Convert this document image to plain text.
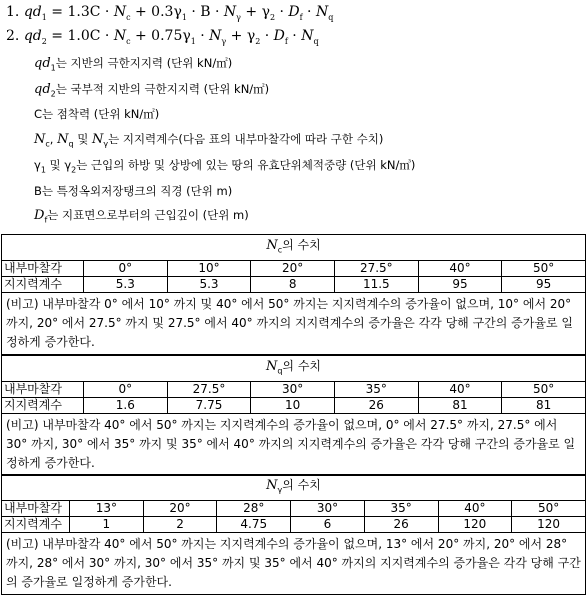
1. $qd_1 = 1.3C \cdot N_c + 0.3\gamma_1 \cdot B \cdot N_\gamma + \gamma_2 \cdot D_f \cdot N_q$
2. $qd_2 = 1.0C \cdot N_c + 0.75\gamma_1 \cdot N_\gamma + \gamma_2 \cdot D_f \cdot N_q$
$qd_1$는 지반의 극한지지력 (단위 kN/㎡)
$qd_2$는 국부적 지반의 극한지지력 (단위 kN/㎡)
C는 점착력 (단위 kN/㎡)
$N_c$, $N_q$ 및 $N_\gamma$는 지지력계수(다음 표의 내부마찰각에 따라 구한 수치)
$\gamma_1$ 및 $\gamma_2$는 근입의 하방 및 상방에 있는 땅의 유효단위체적중량 (단위 kN/㎥)
B는 특정옥외저장탱크의 직경 (단위 m)
$D_f$는 지표면으로부터의 근입깊이 (단위 m)
$N_c$의 수치						
내부마찰각	0°	10°	20°	27.5°	40°	50°
지지력계수	5.3	5.3	8	11.5	95	95
(비고) 내부마찰각 0° 에서 10° 까지 및 40° 에서 50° 까지는 지지력계수의 증가율이 없으며, 10° 에서 20° 까지, 20° 에서 27.5° 까지 및 27.5° 에서 40° 까지의 지지력계수의 증가율은 각각 당해 구간의 증가율로 일정하게 증가한다.						
$N_q$의 수치						
내부마찰각	0°	27.5°	30°	35°	40°	50°
지지력계수	1.6	7.75	10	26	81	81
(비고) 내부마찰각 40° 에서 50° 까지는 지지력계수의 증가율이 없으며, 0° 에서 27.5° 까지, 27.5° 에서 30° 까지, 30° 에서 35° 까지 및 35° 에서 40° 까지의 지지력계수의 증가율은 각각 당해 구간의 증가율로 일정하게 증가한다.						
$N_\gamma$의 수치							
내부마찰각	13°	20°	28°	30°	35°	40°	50°
지지력계수	1	2	4.75	6	26	120	120
(비고) 내부마찰각 40° 에서 50° 까지는 지지력계수의 증가율이 없으며, 13° 에서 20° 까지, 20° 에서 28° 까지, 28° 에서 30° 까지, 30° 에서 35° 까지 및 35° 에서 40° 까지의 지지력계수의 증가율은 각각 당해 구간의 증가율로 일정하게 증가한다.							
